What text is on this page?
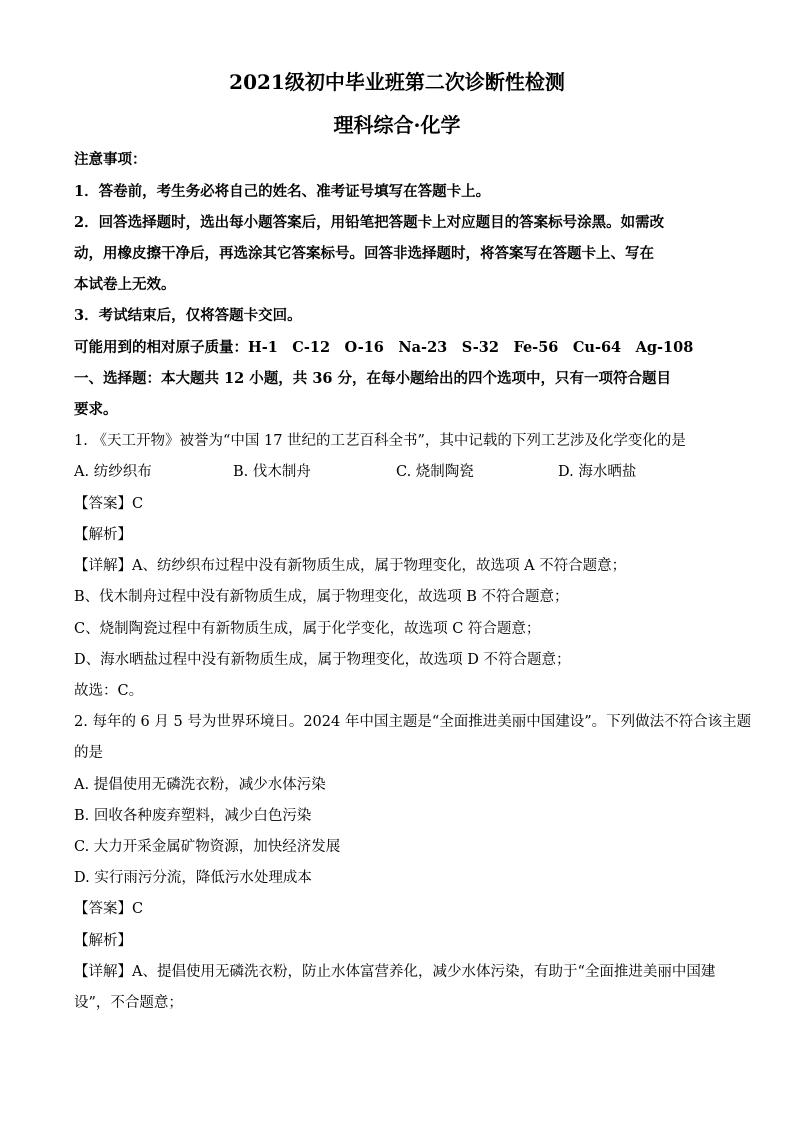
2021级初中毕业班第二次诊断性检测
理科综合·化学
注意事项：
1．答卷前，考生务必将自己的姓名、准考证号填写在答题卡上。
2．回答选择题时，选出每小题答案后，用铅笔把答题卡上对应题目的答案标号涂黑。如需改
动，用橡皮擦干净后，再选涂其它答案标号。回答非选择题时，将答案写在答题卡上、写在
本试卷上无效。
3．考试结束后，仅将答题卡交回。
可能用到的相对原子质量：H-1　C-12　O-16　Na-23　S-32　Fe-56　Cu-64　Ag-108
一、选择题：本大题共 12 小题，共 36 分，在每小题给出的四个选项中，只有一项符合题目
要求。
1. 《天工开物》被誉为“中国 17 世纪的工艺百科全书”，其中记载的下列工艺涉及化学变化的是
A. 纺纱织布	B. 伐木制舟	C. 烧制陶瓷	D. 海水晒盐
【答案】C
【解析】
【详解】A、纺纱织布过程中没有新物质生成，属于物理变化，故选项 A 不符合题意；
B、伐木制舟过程中没有新物质生成，属于物理变化，故选项 B 不符合题意；
C、烧制陶瓷过程中有新物质生成，属于化学变化，故选项 C 符合题意；
D、海水晒盐过程中没有新物质生成，属于物理变化，故选项 D 不符合题意；
故选：C。
2. 每年的 6 月 5 号为世界环境日。2024 年中国主题是“全面推进美丽中国建设”。下列做法不符合该主题
的是
A. 提倡使用无磷洗衣粉，减少水体污染
B. 回收各种废弃塑料，减少白色污染
C. 大力开采金属矿物资源，加快经济发展
D. 实行雨污分流，降低污水处理成本
【答案】C
【解析】
【详解】A、提倡使用无磷洗衣粉，防止水体富营养化，减少水体污染，有助于“全面推进美丽中国建
设”，不合题意；
